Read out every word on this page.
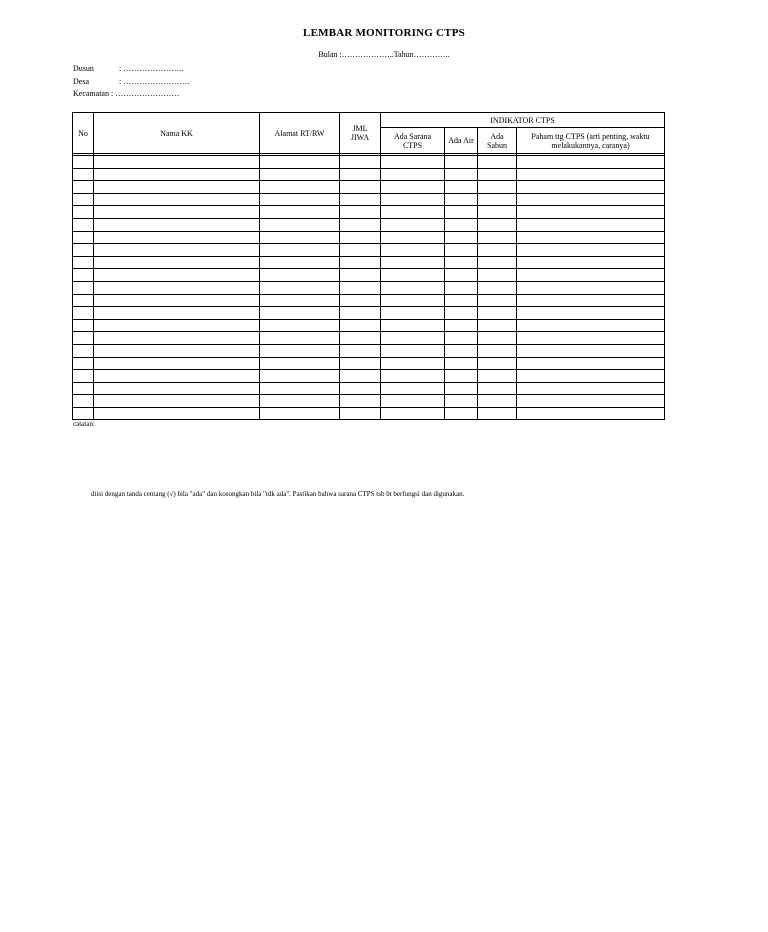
LEMBAR MONITORING CTPS
Bulan :………………..Tahun…………..
Dusun	: …………………..
Desa	: …………………….
Kecamatan : ……………………
No	Nama KK	Alamat RT/RW	JML JIWA	INDIKATOR CTPS			
				Ada Sarana CTPS	Ada Air	Ada Sabun	Paham ttg CTPS (arti penting, waktu melakukannya, caranya)

catatan:
diisi dengan tanda centang (√) bila "ada" dan kosongkan bila "tdk ada". Pastikan bahwa sarana CTPS tsb bt berfungsi dan digunakan.
